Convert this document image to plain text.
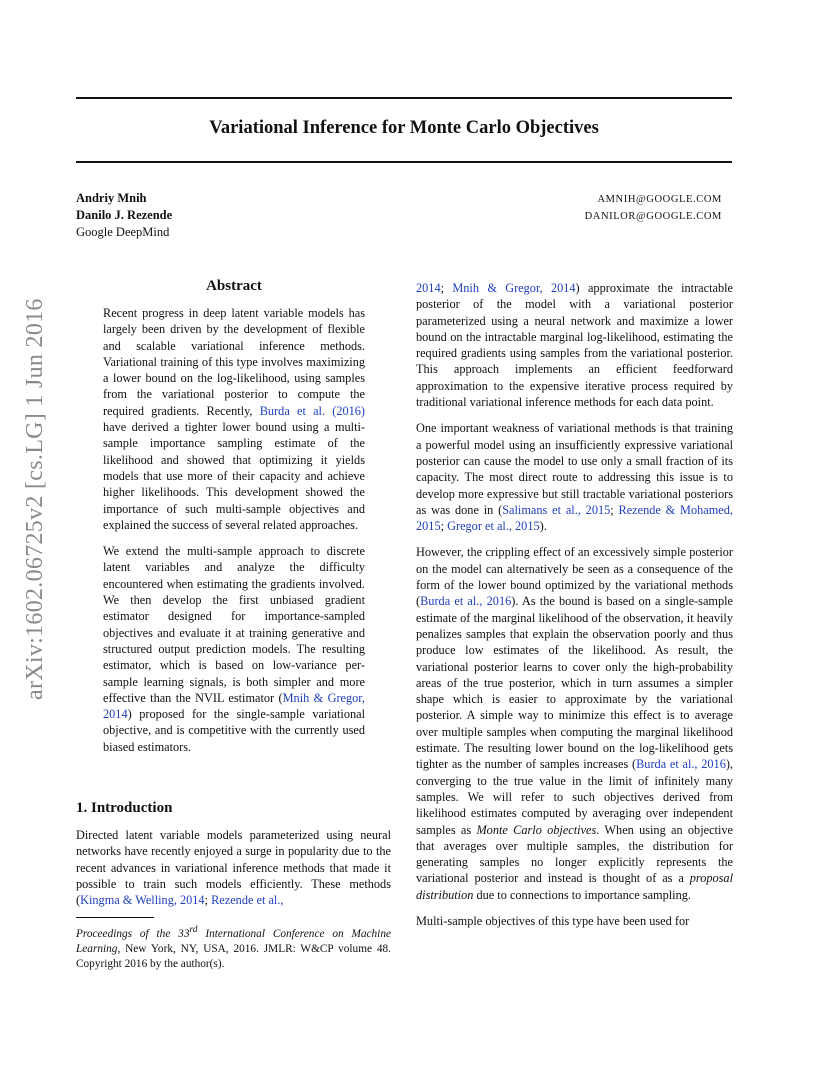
Variational Inference for Monte Carlo Objectives
Andriy Mnih
Danilo J. Rezende
Google DeepMind
AMNIH@GOOGLE.COM
DANILOR@GOOGLE.COM
arXiv:1602.06725v2 [cs.LG] 1 Jun 2016
Abstract

Recent progress in deep latent variable models has largely been driven by the development of flexible and scalable variational inference methods. Variational training of this type involves maximizing a lower bound on the log-likelihood, using samples from the variational posterior to compute the required gradients. Recently, Burda et al. (2016) have derived a tighter lower bound using a multi-sample importance sampling estimate of the likelihood and showed that optimizing it yields models that use more of their capacity and achieve higher likelihoods. This development showed the importance of such multi-sample objectives and explained the success of several related approaches.

We extend the multi-sample approach to discrete latent variables and analyze the difficulty encountered when estimating the gradients involved. We then develop the first unbiased gradient estimator designed for importance-sampled objectives and evaluate it at training generative and structured output prediction models. The resulting estimator, which is based on low-variance per-sample learning signals, is both simpler and more effective than the NVIL estimator (Mnih & Gregor, 2014) proposed for the single-sample variational objective, and is competitive with the currently used biased estimators.

1. Introduction

Directed latent variable models parameterized using neural networks have recently enjoyed a surge in popularity due to the recent advances in variational inference methods that made it possible to train such models efficiently. These methods (Kingma & Welling, 2014; Rezende et al.,

Proceedings of the 33rd International Conference on Machine Learning, New York, NY, USA, 2016. JMLR: W&CP volume 48. Copyright 2016 by the author(s).

2014; Mnih & Gregor, 2014) approximate the intractable posterior of the model with a variational posterior parameterized using a neural network and maximize a lower bound on the intractable marginal log-likelihood, estimating the required gradients using samples from the variational posterior. This approach implements an efficient feedforward approximation to the expensive iterative process required by traditional variational inference methods for each data point.

One important weakness of variational methods is that training a powerful model using an insufficiently expressive variational posterior can cause the model to use only a small fraction of its capacity. The most direct route to addressing this issue is to develop more expressive but still tractable variational posteriors as was done in (Salimans et al., 2015; Rezende & Mohamed, 2015; Gregor et al., 2015).

However, the crippling effect of an excessively simple posterior on the model can alternatively be seen as a consequence of the form of the lower bound optimized by the variational methods (Burda et al., 2016). As the bound is based on a single-sample estimate of the marginal likelihood of the observation, it heavily penalizes samples that explain the observation poorly and thus produce low estimates of the likelihood. As result, the variational posterior learns to cover only the high-probability areas of the true posterior, which in turn assumes a simpler shape which is easier to approximate by the variational posterior. A simple way to minimize this effect is to average over multiple samples when computing the marginal likelihood estimate. The resulting lower bound on the log-likelihood gets tighter as the number of samples increases (Burda et al., 2016), converging to the true value in the limit of infinitely many samples. We will refer to such objectives derived from likelihood estimates computed by averaging over independent samples as Monte Carlo objectives. When using an objective that averages over multiple samples, the distribution for generating samples no longer explicitly represents the variational posterior and instead is thought of as a proposal distribution due to connections to importance sampling.

Multi-sample objectives of this type have been used for
